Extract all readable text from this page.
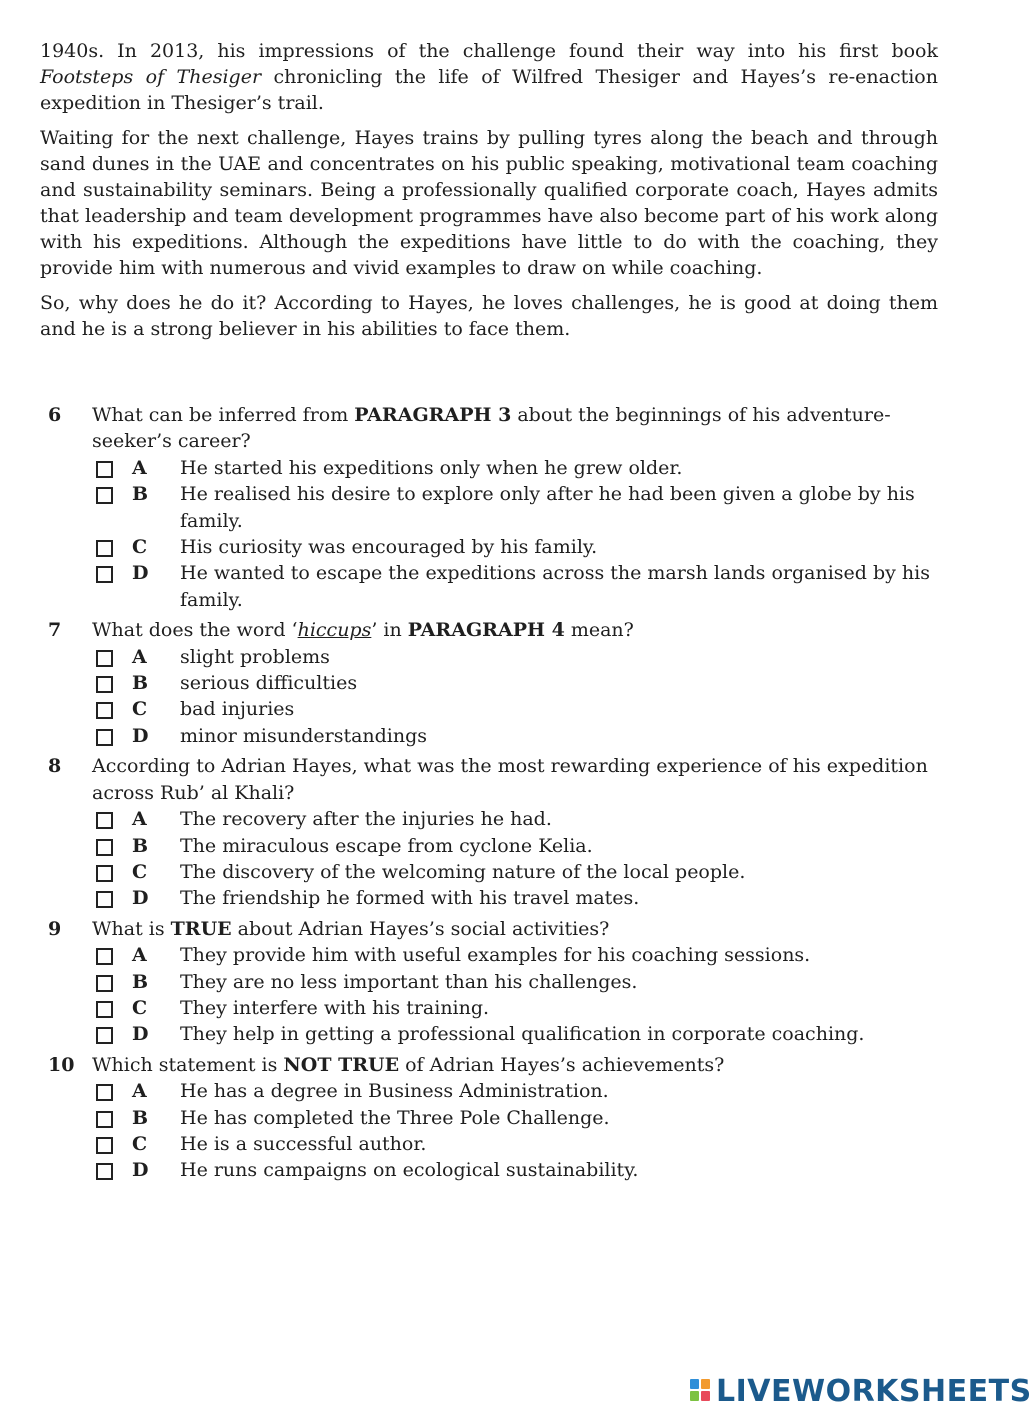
1940s. In 2013, his impressions of the challenge found their way into his first book Footsteps of Thesiger chronicling the life of Wilfred Thesiger and Hayes’s re-enaction expedition in Thesiger’s trail.

Waiting for the next challenge, Hayes trains by pulling tyres along the beach and through sand dunes in the UAE and concentrates on his public speaking, motivational team coaching and sustainability seminars. Being a professionally qualified corporate coach, Hayes admits that leadership and team development programmes have also become part of his work along with his expeditions. Although the expeditions have little to do with the coaching, they provide him with numerous and vivid examples to draw on while coaching.

So, why does he do it? According to Hayes, he loves challenges, he is good at doing them and he is a strong believer in his abilities to face them.

6	What can be inferred from PARAGRAPH 3 about the beginnings of his adventure-seeker’s career?
A He started his expeditions only when he grew older.
B He realised his desire to explore only after he had been given a globe by his family.
C His curiosity was encouraged by his family.
D He wanted to escape the expeditions across the marsh lands organised by his family.
7	What does the word ‘hiccups’ in PARAGRAPH 4 mean?
A slight problems
B serious difficulties
C bad injuries
D minor misunderstandings
8	According to Adrian Hayes, what was the most rewarding experience of his expedition across Rub’ al Khali?
A The recovery after the injuries he had.
B The miraculous escape from cyclone Kelia.
C The discovery of the welcoming nature of the local people.
D The friendship he formed with his travel mates.
9	What is TRUE about Adrian Hayes’s social activities?
A They provide him with useful examples for his coaching sessions.
B They are no less important than his challenges.
C They interfere with his training.
D They help in getting a professional qualification in corporate coaching.
10 Which statement is NOT TRUE of Adrian Hayes’s achievements?
A He has a degree in Business Administration.
B He has completed the Three Pole Challenge.
C He is a successful author.
D He runs campaigns on ecological sustainability.
LIVEWORKSHEETS
